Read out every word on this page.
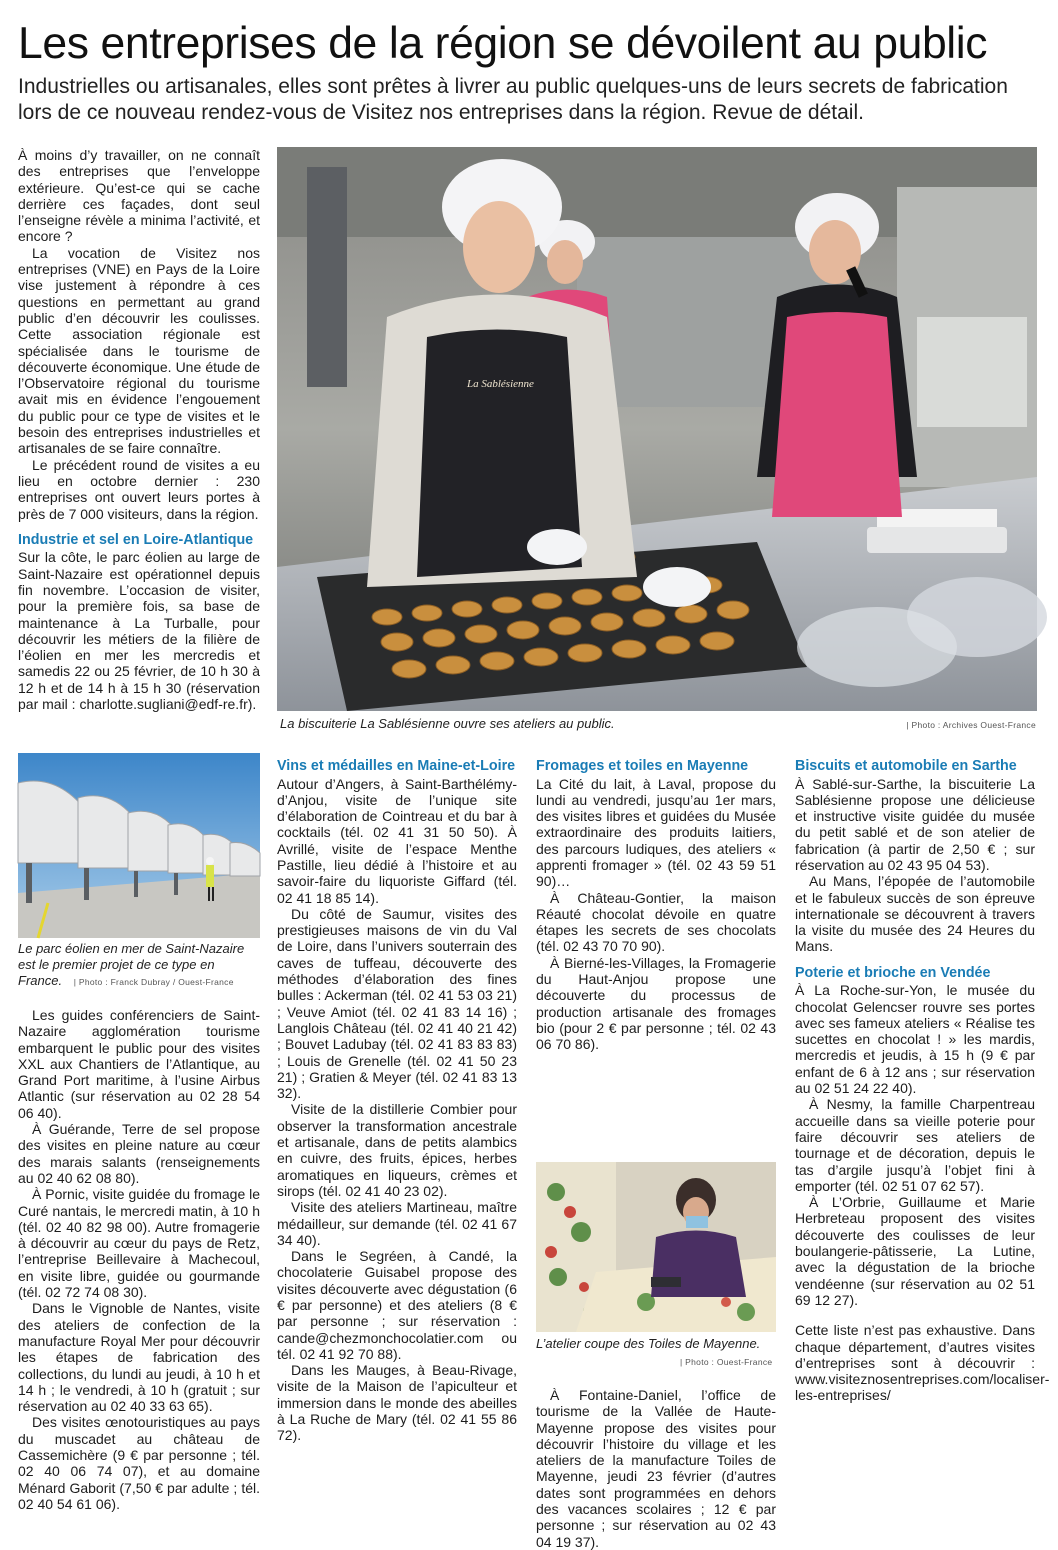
Les entreprises de la région se dévoilent au public
Industrielles ou artisanales, elles sont prêtes à livrer au public quelques-uns de leurs secrets de fabrication lors de ce nouveau rendez-vous de Visitez nos entreprises dans la région. Revue de détail.

À moins d’y travailler, on ne connaît des entreprises que l’enveloppe extérieure. Qu’est-ce qui se cache derrière ces façades, dont seul l’enseigne révèle a minima l’activité, et encore ?

La vocation de Visitez nos entreprises (VNE) en Pays de la Loire vise justement à répondre à ces questions en permettant au grand public d’en découvrir les coulisses. Cette association régionale est spécialisée dans le tourisme de découverte économique. Une étude de l’Observatoire régional du tourisme avait mis en évidence l’engouement du public pour ce type de visites et le besoin des entreprises industrielles et artisanales de se faire connaître.

Le précédent round de visites a eu lieu en octobre dernier : 230 entreprises ont ouvert leurs portes à près de 7 000 visiteurs, dans la région.

Industrie et sel en Loire-Atlantique

Sur la côte, le parc éolien au large de Saint-Nazaire est opérationnel depuis fin novembre. L’occasion de visiter, pour la première fois, sa base de maintenance à La Turballe, pour découvrir les métiers de la filière de l’éolien en mer les mercredis et samedis 22 ou 25 février, de 10 h 30 à 12 h et de 14 h à 15 h 30 (réservation par mail : charlotte.sugliani@edf-re.fr).

La Sablésienne
La biscuiterie La Sablésienne ouvre ses ateliers au public.	| Photo : Archives Ouest-France
Le parc éolien en mer de Saint-Nazaire est le premier projet de ce type en France. | Photo : Franck Dubray / Ouest-France

Les guides conférenciers de Saint-Nazaire agglomération tourisme embarquent le public pour des visites XXL aux Chantiers de l’Atlantique, au Grand Port maritime, à l’usine Airbus Atlantic (sur réservation au 02 28 54 06 40).

À Guérande, Terre de sel propose des visites en pleine nature au cœur des marais salants (renseignements au 02 40 62 08 80).

À Pornic, visite guidée du fromage le Curé nantais, le mercredi matin, à 10 h (tél. 02 40 82 98 00). Autre fromagerie à découvrir au cœur du pays de Retz, l’entreprise Beillevaire à Machecoul, en visite libre, guidée ou gourmande (tél. 02 72 74 08 30).

Dans le Vignoble de Nantes, visite des ateliers de confection de la manufacture Royal Mer pour découvrir les étapes de fabrication des collections, du lundi au jeudi, à 10 h et 14 h ; le vendredi, à 10 h (gratuit ; sur réservation au 02 40 33 63 65).

Des visites œnotouristiques au pays du muscadet au château de Cassemichère (9 € par personne ; tél. 02 40 06 74 07), et au domaine Ménard Gaborit (7,50 € par adulte ; tél. 02 40 54 61 06).

Vins et médailles en Maine-et-Loire

Autour d’Angers, à Saint-Barthélémy-d’Anjou, visite de l’unique site d’élaboration de Cointreau et du bar à cocktails (tél. 02 41 31 50 50). À Avrillé, visite de l’espace Menthe Pastille, lieu dédié à l’histoire et au savoir-faire du liquoriste Giffard (tél. 02 41 18 85 14).

Du côté de Saumur, visites des prestigieuses maisons de vin du Val de Loire, dans l’univers souterrain des caves de tuffeau, découverte des méthodes d’élaboration des fines bulles : Ackerman (tél. 02 41 53 03 21) ; Veuve Amiot (tél. 02 41 83 14 16) ; Langlois Château (tél. 02 41 40 21 42) ; Bouvet Ladubay (tél. 02 41 83 83 83) ; Louis de Grenelle (tél. 02 41 50 23 21) ; Gratien & Meyer (tél. 02 41 83 13 32).

Visite de la distillerie Combier pour observer la transformation ancestrale et artisanale, dans de petits alambics en cuivre, des fruits, épices, herbes aromatiques en liqueurs, crèmes et sirops (tél. 02 41 40 23 02).

Visite des ateliers Martineau, maître médailleur, sur demande (tél. 02 41 67 34 40).

Dans le Segréen, à Candé, la chocolaterie Guisabel propose des visites découverte avec dégustation (6 € par personne) et des ateliers (8 € par personne ; sur réservation : cande@chezmonchocolatier.com ou tél. 02 41 92 70 88).

Dans les Mauges, à Beau-Rivage, visite de la Maison de l’apiculteur et immersion dans le monde des abeilles à La Ruche de Mary (tél. 02 41 55 86 72).

Fromages et toiles en Mayenne

La Cité du lait, à Laval, propose du lundi au vendredi, jusqu’au 1er mars, des visites libres et guidées du Musée extraordinaire des produits laitiers, des parcours ludiques, des ateliers « apprenti fromager » (tél. 02 43 59 51 90)…

À Château-Gontier, la maison Réauté chocolat dévoile en quatre étapes les secrets de ses chocolats (tél. 02 43 70 70 90).

À Bierné-les-Villages, la Fromagerie du Haut-Anjou propose une découverte du processus de production artisanale des fromages bio (pour 2 € par personne ; tél. 02 43 06 70 86).

L’atelier coupe des Toiles de Mayenne.
| Photo : Ouest-France

À Fontaine-Daniel, l’office de tourisme de la Vallée de Haute-Mayenne propose des visites pour découvrir l’histoire du village et les ateliers de la manufacture Toiles de Mayenne, jeudi 23 février (d’autres dates sont programmées en dehors des vacances scolaires ; 12 € par personne ; sur réservation au 02 43 04 19 37).

Biscuits et automobile en Sarthe

À Sablé-sur-Sarthe, la biscuiterie La Sablésienne propose une délicieuse et instructive visite guidée du musée du petit sablé et de son atelier de fabrication (à partir de 2,50 € ; sur réservation au 02 43 95 04 53).

Au Mans, l’épopée de l’automobile et le fabuleux succès de son épreuve internationale se découvrent à travers la visite du musée des 24 Heures du Mans.

Poterie et brioche en Vendée

À La Roche-sur-Yon, le musée du chocolat Gelencser rouvre ses portes avec ses fameux ateliers « Réalise tes sucettes en chocolat ! » les mardis, mercredis et jeudis, à 15 h (9 € par enfant de 6 à 12 ans ; sur réservation au 02 51 24 22 40).

À Nesmy, la famille Charpentreau accueille dans sa vieille poterie pour faire découvrir ses ateliers de tournage et de décoration, depuis le tas d’argile jusqu’à l’objet fini à emporter (tél. 02 51 07 62 57).

À L’Orbrie, Guillaume et Marie Herbreteau proposent des visites découverte des coulisses de leur boulangerie-pâtisserie, La Lutine, avec la dégustation de la brioche vendéenne (sur réservation au 02 51 69 12 27).

Cette liste n’est pas exhaustive. Dans chaque département, d’autres visites d’entreprises sont à découvrir : www.visiteznosentreprises.com/localiser-les-entreprises/
